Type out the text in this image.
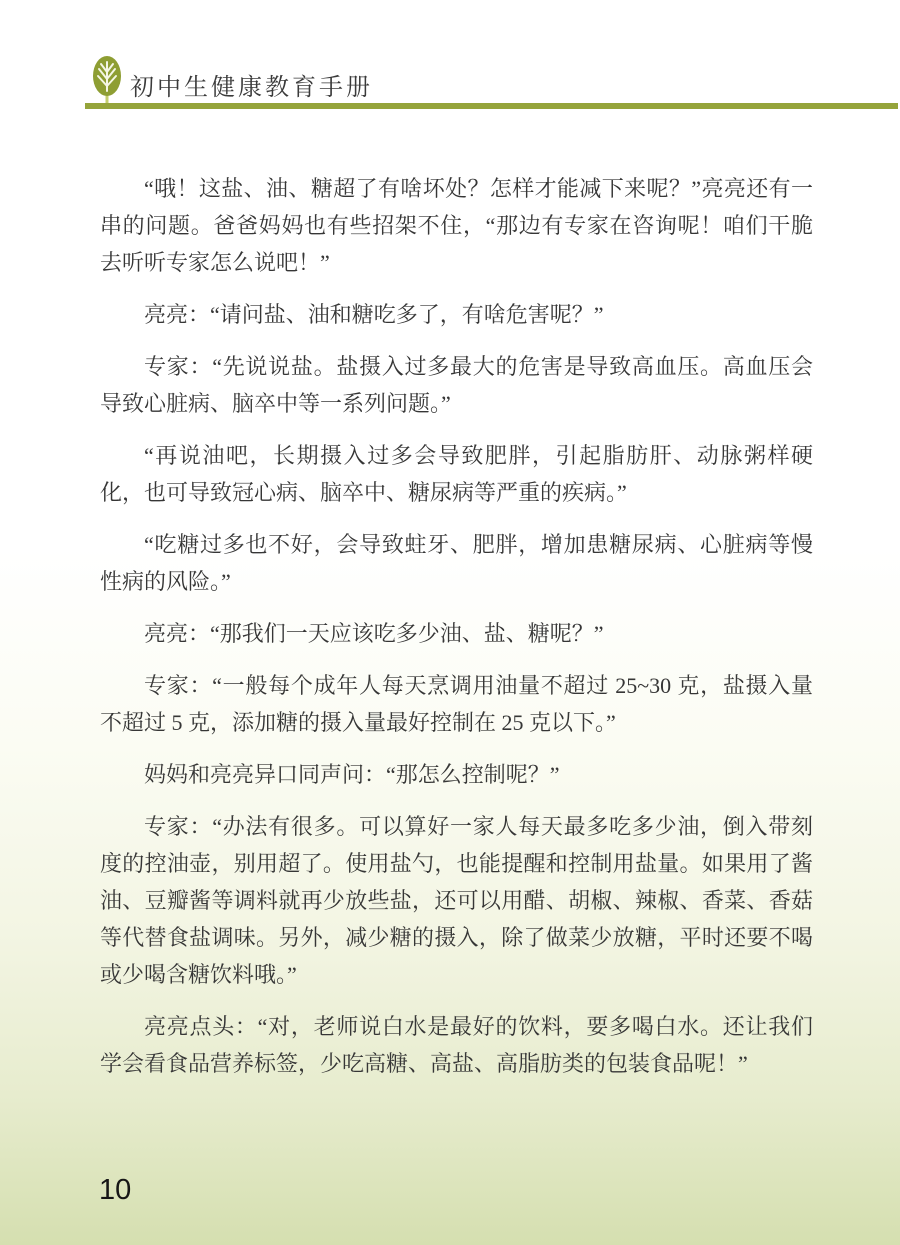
初中生健康教育手册

“哦！这盐、油、糖超了有啥坏处？怎样才能减下来呢？”亮亮还有一串的问题。爸爸妈妈也有些招架不住，“那边有专家在咨询呢！咱们干脆去听听专家怎么说吧！”

亮亮：“请问盐、油和糖吃多了，有啥危害呢？”

专家：“先说说盐。盐摄入过多最大的危害是导致高血压。高血压会导致心脏病、脑卒中等一系列问题。”

“再说油吧，长期摄入过多会导致肥胖，引起脂肪肝、动脉粥样硬化，也可导致冠心病、脑卒中、糖尿病等严重的疾病。”

“吃糖过多也不好，会导致蛀牙、肥胖，增加患糖尿病、心脏病等慢性病的风险。”

亮亮：“那我们一天应该吃多少油、盐、糖呢？”

专家：“一般每个成年人每天烹调用油量不超过 25~30 克，盐摄入量不超过 5 克，添加糖的摄入量最好控制在 25 克以下。”

妈妈和亮亮异口同声问：“那怎么控制呢？”

专家：“办法有很多。可以算好一家人每天最多吃多少油，倒入带刻度的控油壶，别用超了。使用盐勺，也能提醒和控制用盐量。如果用了酱油、豆瓣酱等调料就再少放些盐，还可以用醋、胡椒、辣椒、香菜、香菇等代替食盐调味。另外，减少糖的摄入，除了做菜少放糖，平时还要不喝或少喝含糖饮料哦。”

亮亮点头：“对，老师说白水是最好的饮料，要多喝白水。还让我们学会看食品营养标签，少吃高糖、高盐、高脂肪类的包装食品呢！”

10
